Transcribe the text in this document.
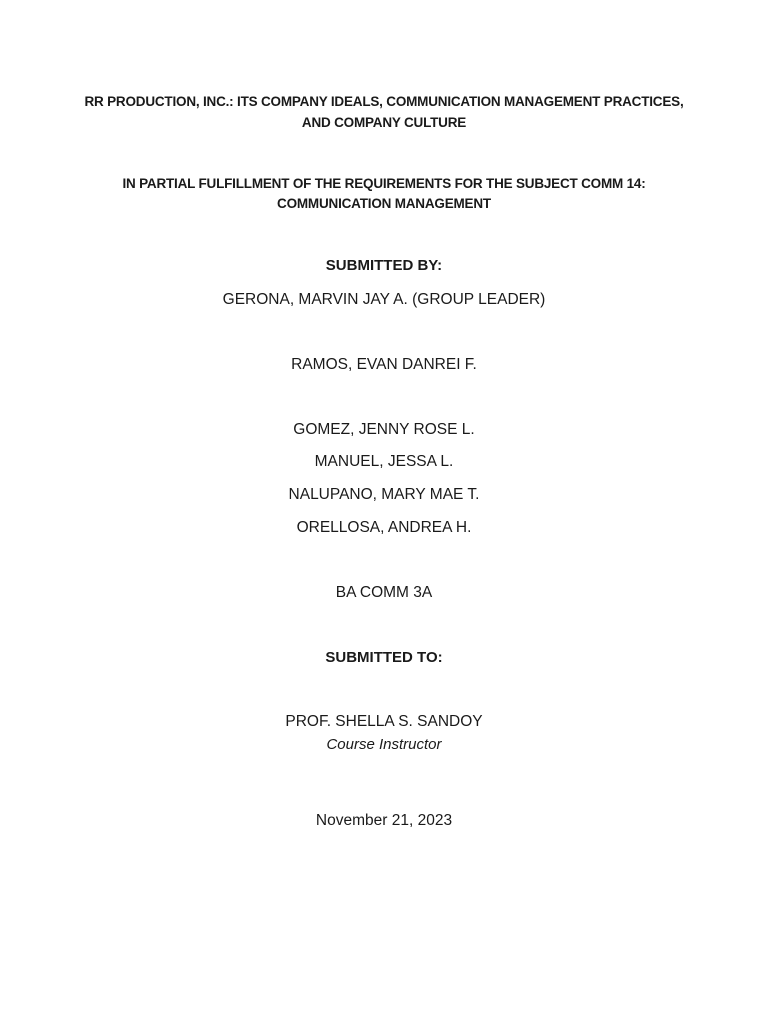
RR PRODUCTION, INC.: ITS COMPANY IDEALS, COMMUNICATION MANAGEMENT PRACTICES,
AND COMPANY CULTURE
IN PARTIAL FULFILLMENT OF THE REQUIREMENTS FOR THE SUBJECT COMM 14:
COMMUNICATION MANAGEMENT
SUBMITTED BY:
GERONA, MARVIN JAY A. (GROUP LEADER)
RAMOS, EVAN DANREI F.
GOMEZ, JENNY ROSE L.
MANUEL, JESSA L.
NALUPANO, MARY MAE T.
ORELLOSA, ANDREA H.
BA COMM 3A
SUBMITTED TO:
PROF. SHELLA S. SANDOY
Course Instructor
November 21, 2023
